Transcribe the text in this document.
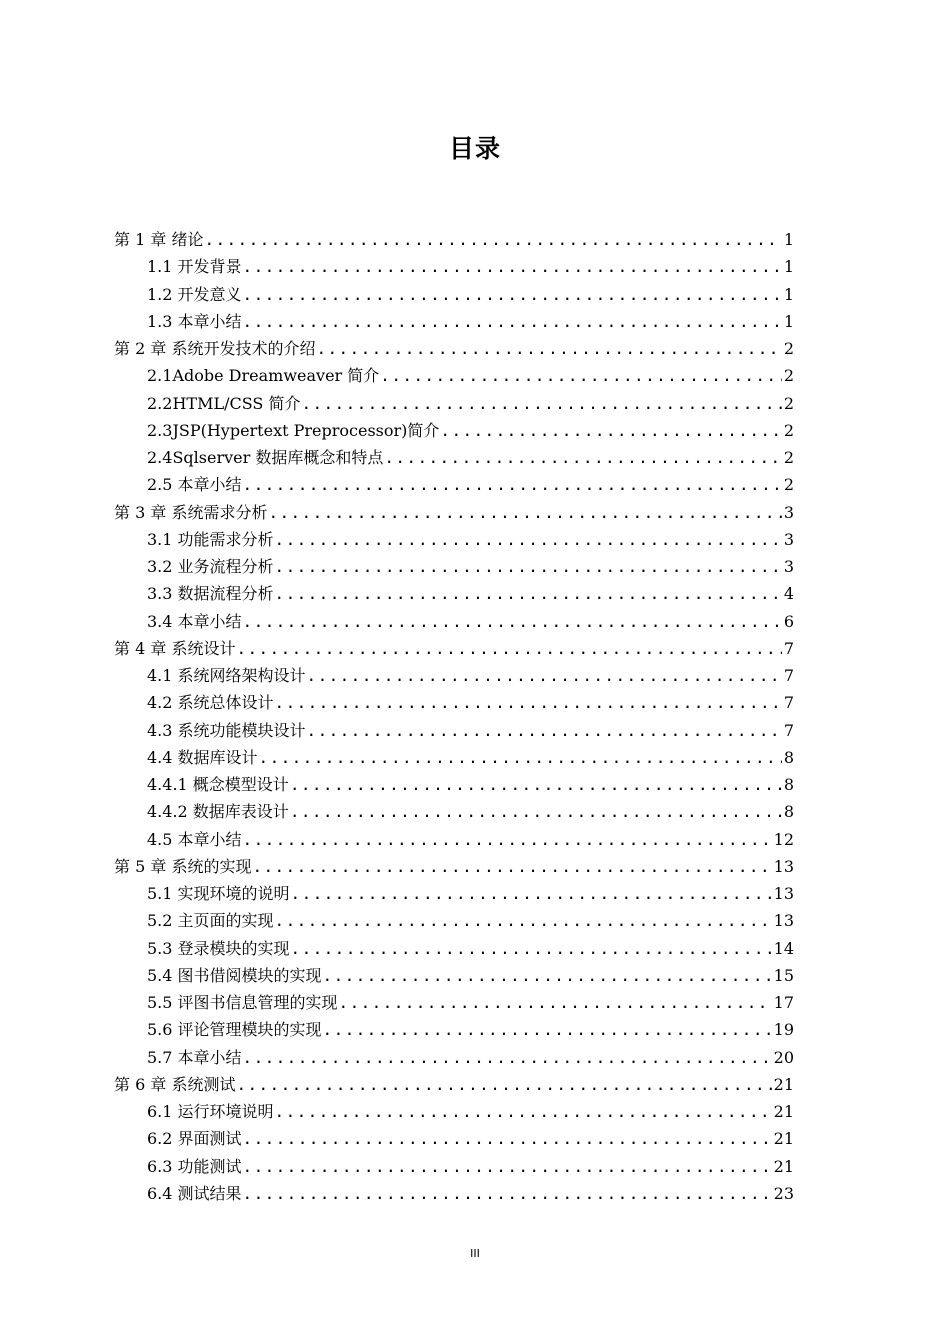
目录
第 1 章 绪论 .....	1
1.1 开发背景 .....	1
1.2 开发意义 .....	1
1.3 本章小结 .....	1
第 2 章 系统开发技术的介绍 .....	2
2.1Adobe Dreamweaver 简介 .....	2
2.2HTML/CSS 简介 .....	2
2.3JSP(Hypertext Preprocessor)简介 .....	2
2.4Sqlserver 数据库概念和特点 .....	2
2.5 本章小结 .....	2
第 3 章 系统需求分析 .....	3
3.1 功能需求分析 .....	3
3.2 业务流程分析 .....	3
3.3 数据流程分析 .....	4
3.4 本章小结 .....	6
第 4 章 系统设计 .....	7
4.1 系统网络架构设计 .....	7
4.2 系统总体设计 .....	7
4.3 系统功能模块设计 .....	7
4.4 数据库设计 .....	8
4.4.1 概念模型设计 .....	8
4.4.2 数据库表设计 .....	8
4.5 本章小结 .....	12
第 5 章 系统的实现 .....	13
5.1 实现环境的说明 .....	13
5.2 主页面的实现 .....	13
5.3 登录模块的实现 .....	14
5.4 图书借阅模块的实现 .....	15
5.5 评图书信息管理的实现 .....	17
5.6 评论管理模块的实现 .....	19
5.7 本章小结 .....	20
第 6 章 系统测试 .....	21
6.1 运行环境说明 .....	21
6.2 界面测试 .....	21
6.3 功能测试 .....	21
6.4 测试结果 .....	23
III
